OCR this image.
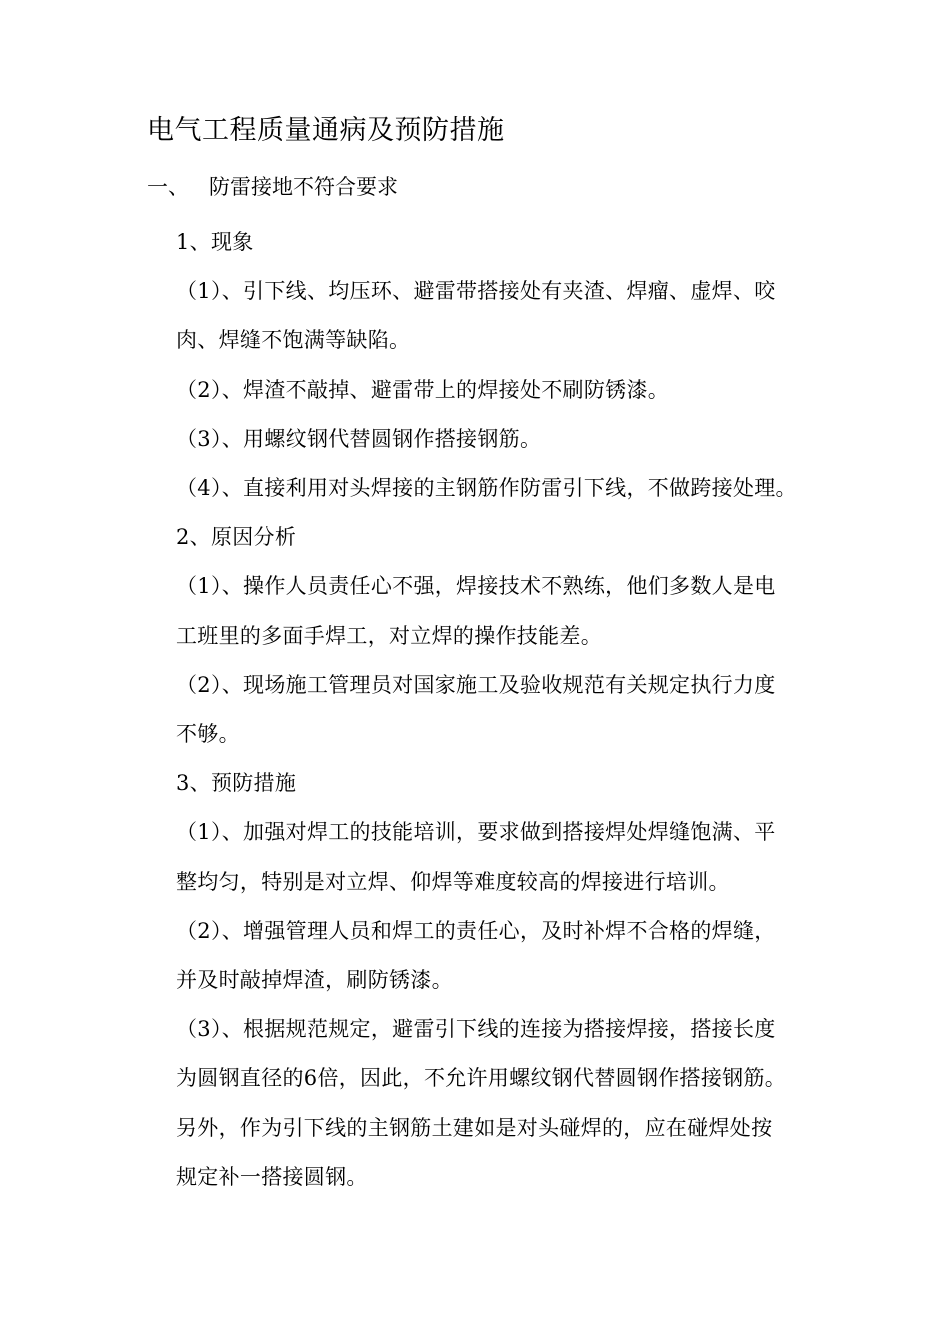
电气工程质量通病及预防措施
一、 防雷接地不符合要求

1、现象

（1）、引下线、均压环、避雷带搭接处有夹渣、焊瘤、虚焊、咬

肉、焊缝不饱满等缺陷。

（2）、焊渣不敲掉、避雷带上的焊接处不刷防锈漆。

（3）、用螺纹钢代替圆钢作搭接钢筋。

（4）、直接利用对头焊接的主钢筋作防雷引下线，不做跨接处理。

2、原因分析

（1）、操作人员责任心不强，焊接技术不熟练，他们多数人是电

工班里的多面手焊工，对立焊的操作技能差。

（2）、现场施工管理员对国家施工及验收规范有关规定执行力度

不够。

3、预防措施

（1）、加强对焊工的技能培训，要求做到搭接焊处焊缝饱满、平

整均匀，特别是对立焊、仰焊等难度较高的焊接进行培训。

（2）、增强管理人员和焊工的责任心，及时补焊不合格的焊缝，

并及时敲掉焊渣，刷防锈漆。

（3）、根据规范规定，避雷引下线的连接为搭接焊接，搭接长度

为圆钢直径的6倍，因此，不允许用螺纹钢代替圆钢作搭接钢筋。

另外，作为引下线的主钢筋土建如是对头碰焊的，应在碰焊处按

规定补一搭接圆钢。
